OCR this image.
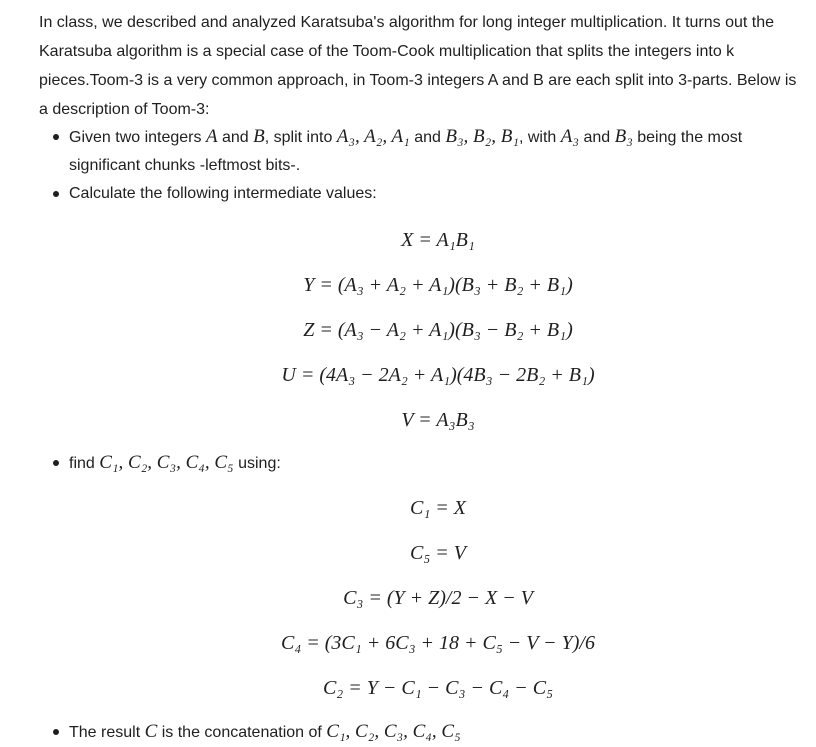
In class, we described and analyzed Karatsuba's algorithm for long integer multiplication. It turns out the Karatsuba algorithm is a special case of the Toom-Cook multiplication that splits the integers into k pieces.Toom-3 is a very common approach, in Toom-3 integers A and B are each split into 3-parts. Below is a description of Toom-3:

Given two integers A and B, split into A₃, A₂, A₁ and B₃, B₂, B₁, with A₃ and B₃ being the most significant chunks -leftmost bits-.
Calculate the following intermediate values:
X = A₁B₁
Y = (A₃ + A₂ + A₁)(B₃ + B₂ + B₁)
Z = (A₃ − A₂ + A₁)(B₃ − B₂ + B₁)
U = (4A₃ − 2A₂ + A₁)(4B₃ − 2B₂ + B₁)
V = A₃B₃
find C₁, C₂, C₃, C₄, C₅ using:
C₁ = X
C₅ = V
C₃ = (Y + Z)/2 − X − V
C₄ = (3C₁ + 6C₃ + 18 + C₅ − V − Y)/6
C₂ = Y − C₁ − C₃ − C₄ − C₅
The result C is the concatenation of C₁, C₂, C₃, C₄, C₅
